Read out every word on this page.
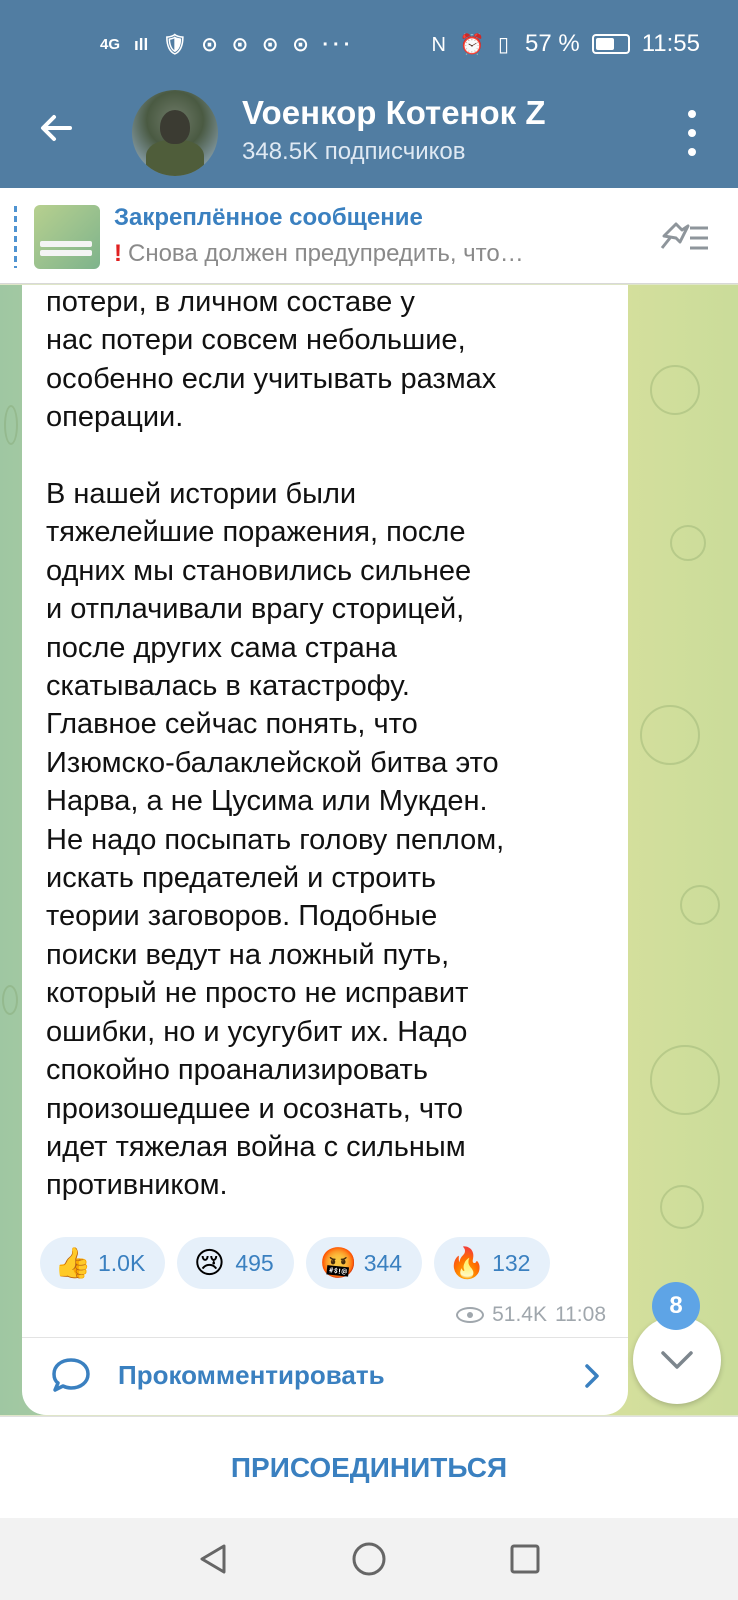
4G ıll 🛡 ⊙ ⊙ ⊙ ⊙ ···	N ⏰ ▯ 57 %	11:55
Voенкор Котенок Z
348.5K подписчиков
Закреплённое сообщение
! Снова должен предупредить, что…

потери, в личном составе у

нас потери совсем небольшие,

особенно если учитывать размах

операции.

В нашей истории были

тяжелейшие поражения, после

одних мы становились сильнее

и отплачивали врагу сторицей,

после других сама страна

скатывалась в катастрофу.

Главное сейчас понять, что

Изюмско-балаклейской битва это

Нарва, а не Цусима или Мукден.

Не надо посыпать голову пеплом,

искать предателей и строить

теории заговоров. Подобные

поиски ведут на ложный путь,

который не просто не исправит

ошибки, но и усугубит их. Надо

спокойно проанализировать

произошедшее и осознать, что

идет тяжелая война с сильным

противником.

👍 1.0K 😢 495 🤬 344 🔥 132
51.4K 11:08
Прокомментировать
8
ПРИСОЕДИНИТЬСЯ
